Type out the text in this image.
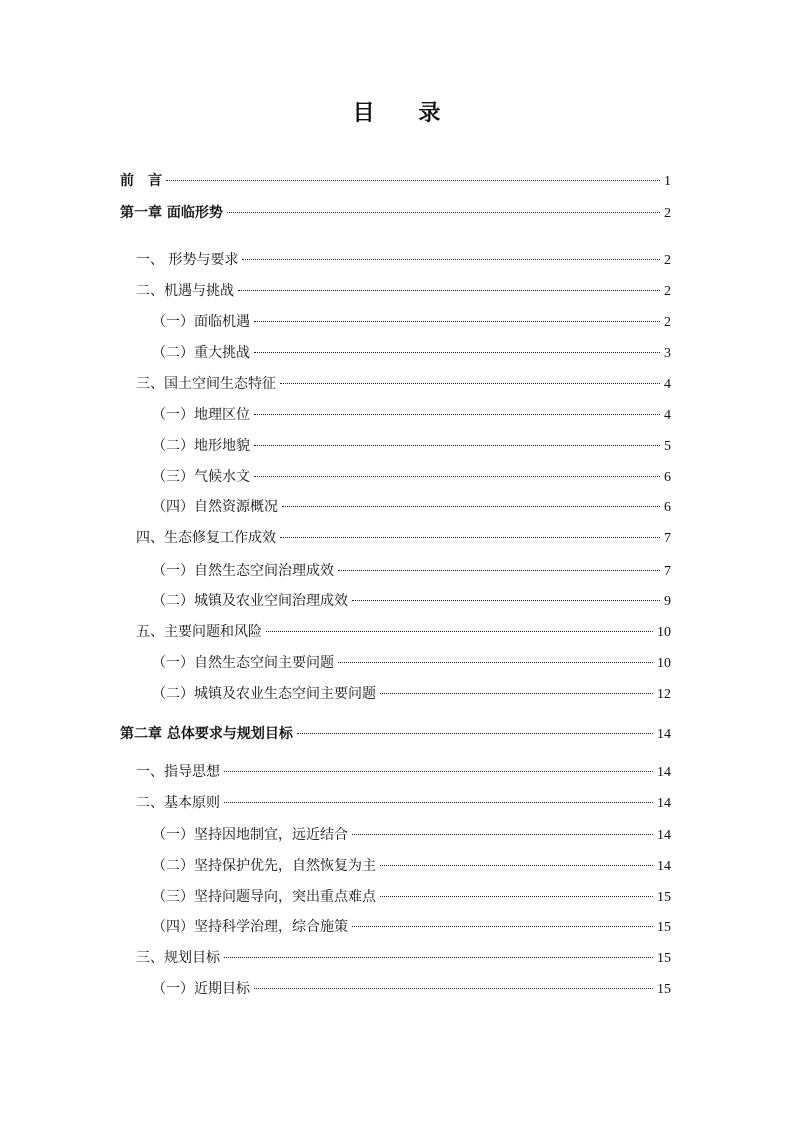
目 录
前　言	1
第一章 面临形势	2
一、 形势与要求	2
二、机遇与挑战	2
（一）面临机遇	2
（二）重大挑战	3
三、国土空间生态特征	4
（一）地理区位	4
（二）地形地貌	5
（三）气候水文	6
（四）自然资源概况	6
四、生态修复工作成效	7
（一）自然生态空间治理成效	7
（二）城镇及农业空间治理成效	9
五、主要问题和风险	10
（一）自然生态空间主要问题	10
（二）城镇及农业生态空间主要问题	12
第二章 总体要求与规划目标	14
一、指导思想	14
二、基本原则	14
（一）坚持因地制宜，远近结合	14
（二）坚持保护优先，自然恢复为主	14
（三）坚持问题导向，突出重点难点	15
（四）坚持科学治理，综合施策	15
三、规划目标	15
（一）近期目标	15
